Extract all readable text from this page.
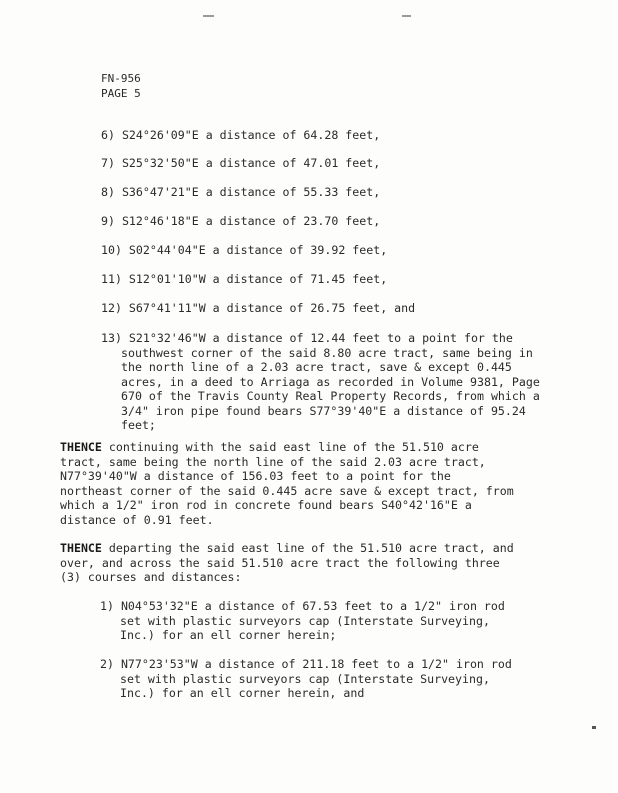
FN-956
PAGE 5
6) S24°26'09"E a distance of 64.28 feet,
7) S25°32'50"E a distance of 47.01 feet,
8) S36°47'21"E a distance of 55.33 feet,
9) S12°46'18"E a distance of 23.70 feet,
10) S02°44'04"E a distance of 39.92 feet,
11) S12°01'10"W a distance of 71.45 feet,
12) S67°41'11"W a distance of 26.75 feet, and
13) S21°32'46"W a distance of 12.44 feet to a point for the
southwest corner of the said 8.80 acre tract, same being in
the north line of a 2.03 acre tract, save & except 0.445
acres, in a deed to Arriaga as recorded in Volume 9381, Page
670 of the Travis County Real Property Records, from which a
3/4" iron pipe found bears S77°39'40"E a distance of 95.24
feet;
THENCE continuing with the said east line of the 51.510 acre
tract, same being the north line of the said 2.03 acre tract,
N77°39'40"W a distance of 156.03 feet to a point for the
northeast corner of the said 0.445 acre save & except tract, from
which a 1/2" iron rod in concrete found bears S40°42'16"E a
distance of 0.91 feet.
THENCE departing the said east line of the 51.510 acre tract, and
over, and across the said 51.510 acre tract the following three
(3) courses and distances:
1) N04°53'32"E a distance of 67.53 feet to a 1/2" iron rod
set with plastic surveyors cap (Interstate Surveying,
Inc.) for an ell corner herein;
2) N77°23'53"W a distance of 211.18 feet to a 1/2" iron rod
set with plastic surveyors cap (Interstate Surveying,
Inc.) for an ell corner herein, and
